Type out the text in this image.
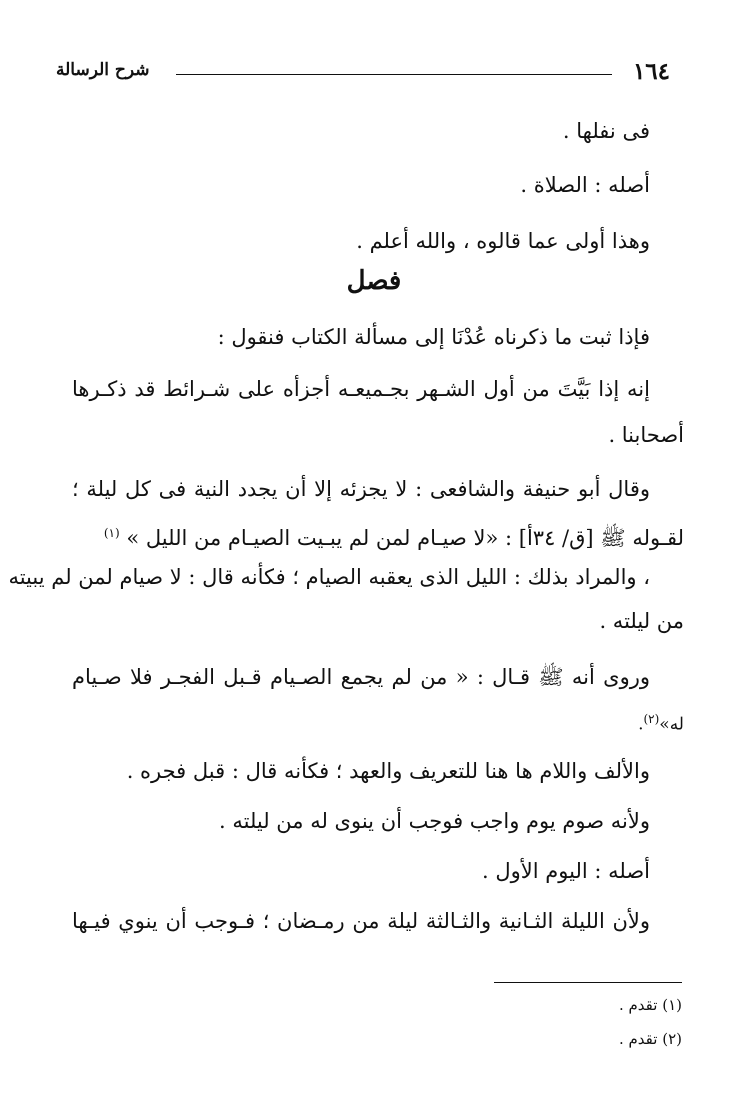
١٦٤
شرح الرسالة
فى نفلها .
أصله : الصلاة .
وهذا أولى عما قالوه ، والله أعلم .
فصل
فإذا ثبت ما ذكرناه عُدْنَا إلى مسألة الكتاب فنقول :
إنه إذا بَيَّتَ من أول الشـهر بجـميعـه أجزأه على شـرائط قد ذكـرها
أصحابنا .
وقال أبو حنيفة والشافعى : لا يجزئه إلا أن يجدد النية فى كل ليلة ؛
لقـوله ﷺ [ق/ ٣٤أ] : «لا صيـام لمن لم يبـيت الصيـام من الليل » $^{(١)}$
، والمراد بذلك : الليل الذى يعقبه الصيام ؛ فكأنه قال : لا صيام لمن لم يبيته
من ليلته .
وروى أنه ﷺ قـال : « من لم يجمع الصـيام قـبل الفجـر فلا صـيام
له»$^{(٢)}$.
والألف واللام ها هنا للتعريف والعهد ؛ فكأنه قال : قبل فجره .
ولأنه صوم يوم واجب فوجب أن ينوى له من ليلته .
أصله : اليوم الأول .
ولأن الليلة الثـانية والثـالثة ليلة من رمـضان ؛ فـوجب أن ينوي فيـها
(١) تقدم .
(٢) تقدم .
